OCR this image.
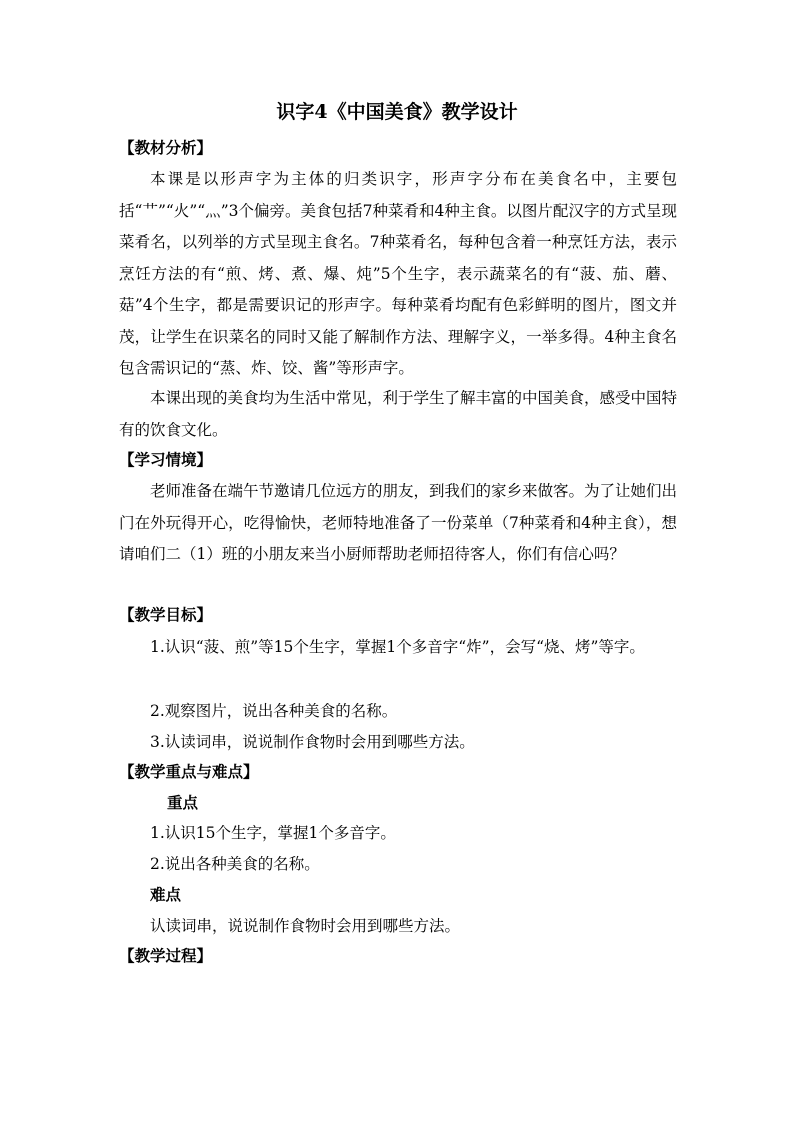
识字4《中国美食》教学设计
【教材分析】

本课是以形声字为主体的归类识字，形声字分布在美食名中，主要包括“艹”“火”“灬”3个偏旁。美食包括7种菜肴和4种主食。以图片配汉字的方式呈现菜肴名，以列举的方式呈现主食名。7种菜肴名，每种包含着一种烹饪方法，表示烹饪方法的有“煎、烤、煮、爆、炖”5个生字，表示蔬菜名的有“菠、茄、蘑、菇”4个生字，都是需要识记的形声字。每种菜肴均配有色彩鲜明的图片，图文并茂，让学生在识菜名的同时又能了解制作方法、理解字义，一举多得。4种主食名包含需识记的“蒸、炸、饺、酱”等形声字。

本课出现的美食均为生活中常见，利于学生了解丰富的中国美食，感受中国特有的饮食文化。

【学习情境】

老师准备在端午节邀请几位远方的朋友，到我们的家乡来做客。为了让她们出门在外玩得开心，吃得愉快，老师特地准备了一份菜单（7种菜肴和4种主食），想请咱们二（1）班的小朋友来当小厨师帮助老师招待客人，你们有信心吗？

【教学目标】

1.认识“菠、煎”等15个生字，掌握1个多音字“炸”，会写“烧、烤”等字。

2.观察图片，说出各种美食的名称。
3.认读词串，说说制作食物时会用到哪些方法。
【教学重点与难点】
重点
1.认识15个生字，掌握1个多音字。
2.说出各种美食的名称。
难点
认读词串，说说制作食物时会用到哪些方法。
【教学过程】
